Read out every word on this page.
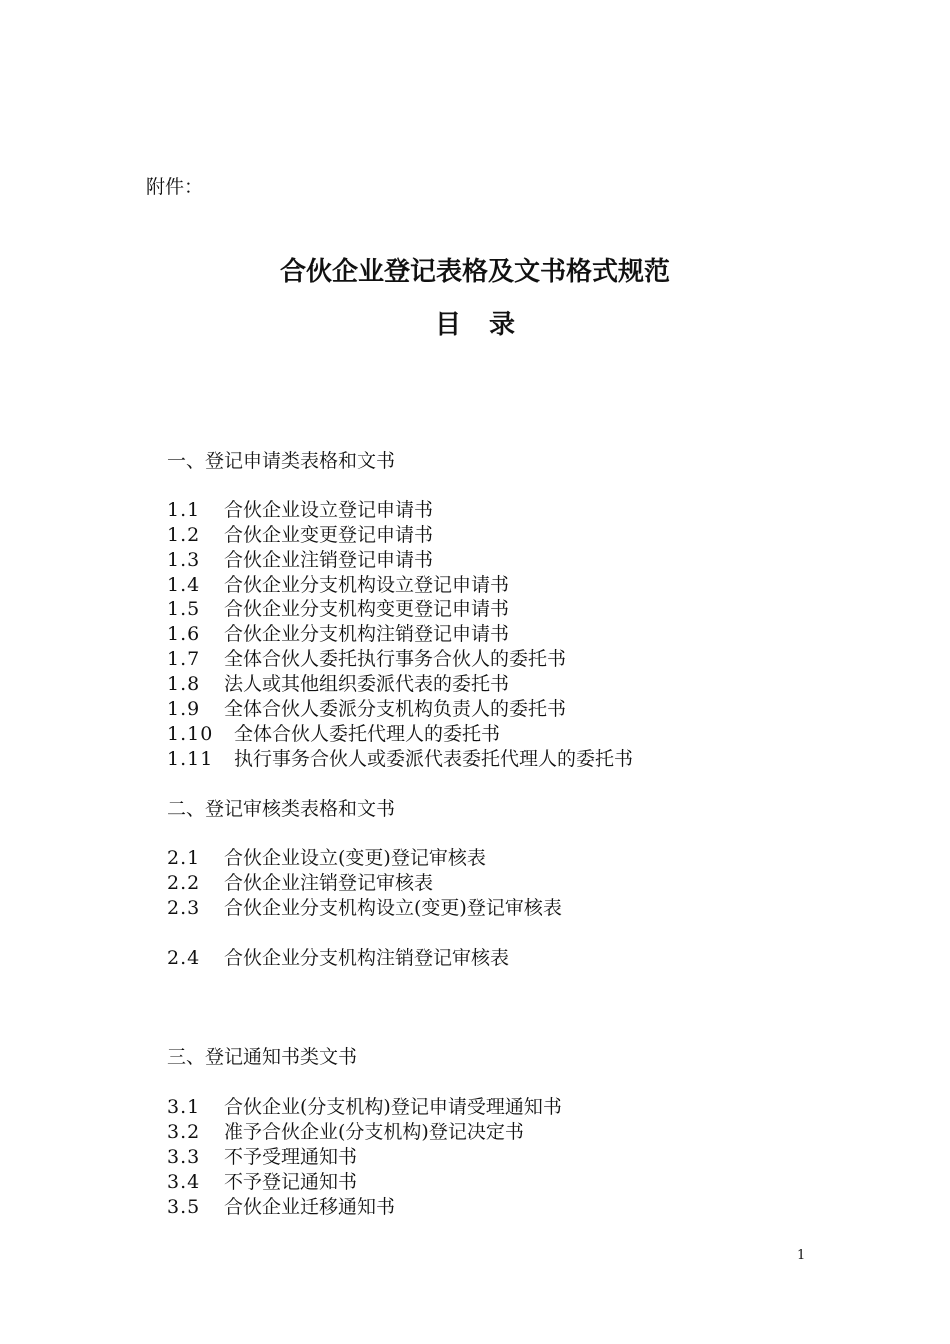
附件：
合伙企业登记表格及文书格式规范
目录
一、登记申请类表格和文书
1.1 合伙企业设立登记申请书
1.2 合伙企业变更登记申请书
1.3 合伙企业注销登记申请书
1.4 合伙企业分支机构设立登记申请书
1.5 合伙企业分支机构变更登记申请书
1.6 合伙企业分支机构注销登记申请书
1.7 全体合伙人委托执行事务合伙人的委托书
1.8 法人或其他组织委派代表的委托书
1.9 全体合伙人委派分支机构负责人的委托书
1.10 全体合伙人委托代理人的委托书
1.11 执行事务合伙人或委派代表委托代理人的委托书
二、登记审核类表格和文书
2.1 合伙企业设立(变更)登记审核表
2.2 合伙企业注销登记审核表
2.3 合伙企业分支机构设立(变更)登记审核表
2.4 合伙企业分支机构注销登记审核表
三、登记通知书类文书
3.1 合伙企业(分支机构)登记申请受理通知书
3.2 准予合伙企业(分支机构)登记决定书
3.3 不予受理通知书
3.4 不予登记通知书
3.5 合伙企业迁移通知书
1
